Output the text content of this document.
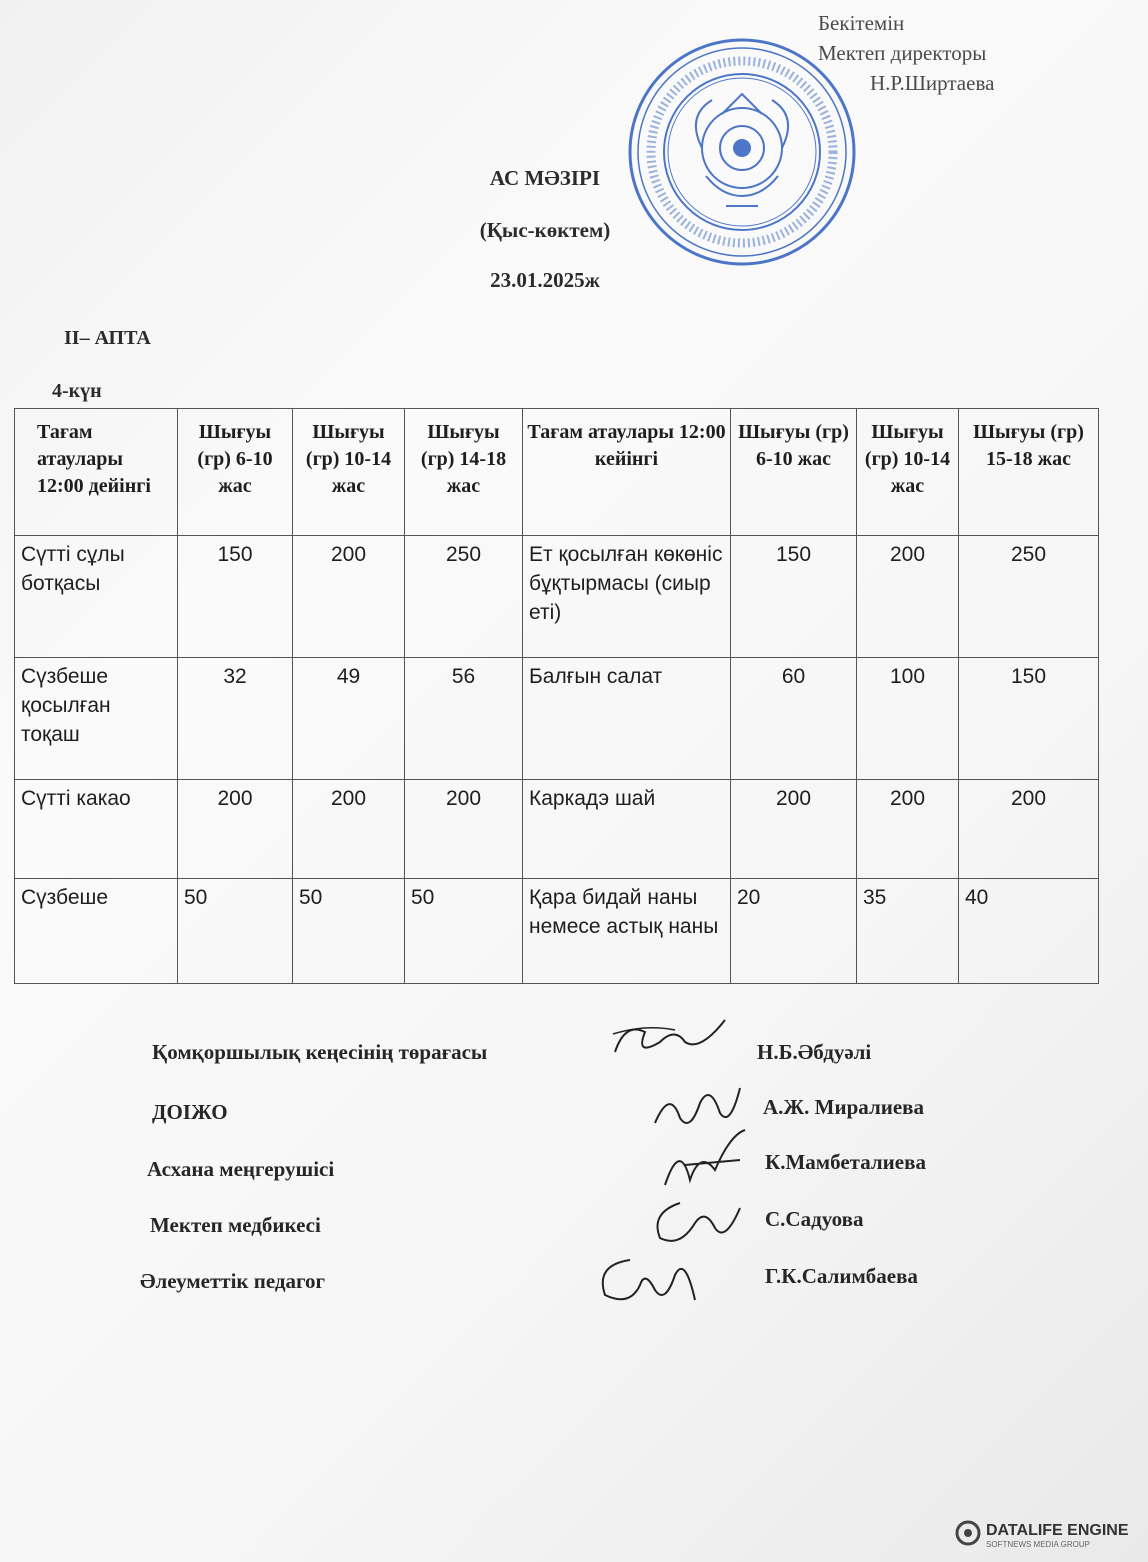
Бекітемін
Мектеп директоры
Н.Р.Ширтаева
АС МӘЗІРІ
(Қыс-көктем)
23.01.2025ж
II– АПТА
4-күн
Тағам атаулары 12:00 дейінгі	Шығуы (гр) 6-10 жас	Шығуы (гр) 10-14 жас	Шығуы (гр) 14-18 жас	Тағам атаулары 12:00 кейінгі	Шығуы (гр) 6-10 жас	Шығуы (гр) 10-14 жас	Шығуы (гр) 15-18 жас
Сүтті сұлы ботқасы	150	200	250	Ет қосылған көкөніс бұқтырмасы (сиыр еті)	150	200	250
Сүзбеше қосылған тоқаш	32	49	56	Балғын салат	60	100	150
Сүтті какао	200	200	200	Каркадэ шай	200	200	200
Сүзбеше	50	50	50	Қара бидай наны немесе астық наны	20	35	40
Қомқоршылық кеңесінің төрағасы	Н.Б.Әбдуәлі
ДОІЖО	А.Ж. Миралиева
Асхана меңгерушісі	К.Мамбеталиева
Мектеп медбикесі	С.Садуова
Әлеуметтік педагог	Г.К.Салимбаева
DATALIFE ENGINE
SOFTNEWS MEDIA GROUP
